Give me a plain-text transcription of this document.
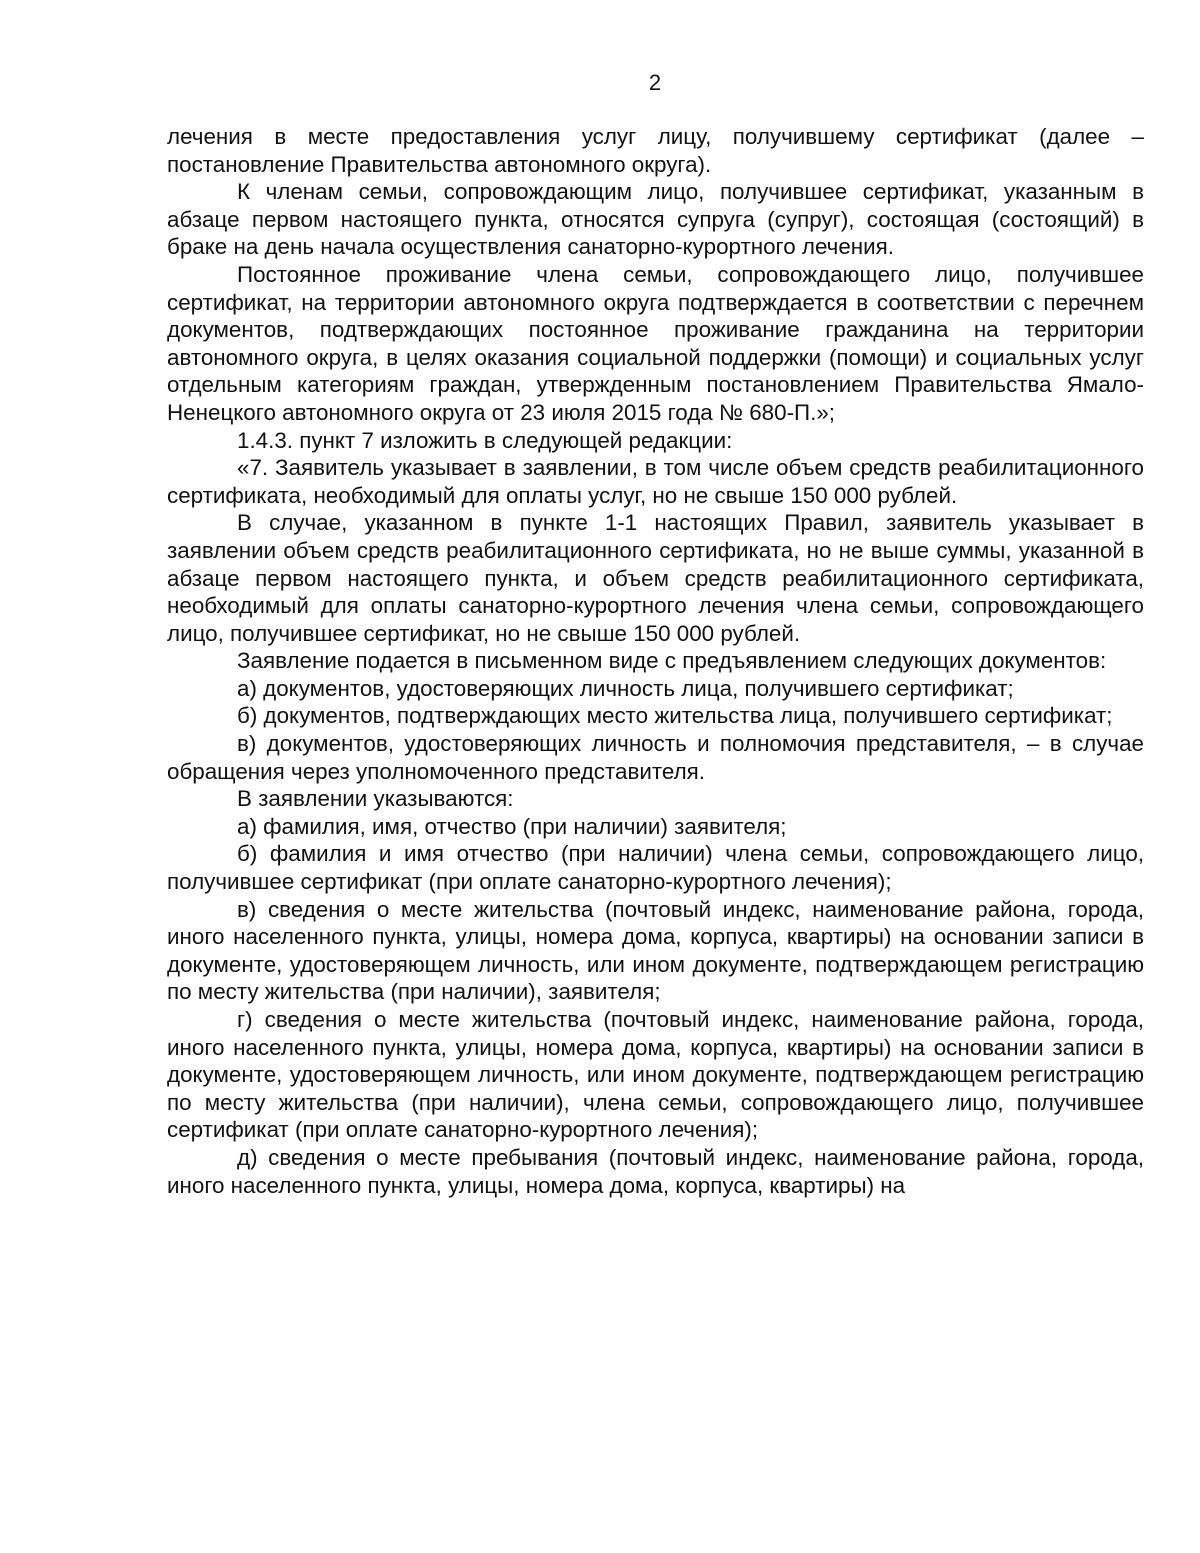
2

лечения в месте предоставления услуг лицу, получившему сертификат (далее – постановление Правительства автономного округа).

К членам семьи, сопровождающим лицо, получившее сертификат, указанным в абзаце первом настоящего пункта, относятся супруга (супруг), состоящая (состоящий) в браке на день начала осуществления санаторно-курортного лечения.

Постоянное проживание члена семьи, сопровождающего лицо, получившее сертификат, на территории автономного округа подтверждается в соответствии с перечнем документов, подтверждающих постоянное проживание гражданина на территории автономного округа, в целях оказания социальной поддержки (помощи) и социальных услуг отдельным категориям граждан, утвержденным постановлением Правительства Ямало-Ненецкого автономного округа от 23 июля 2015 года № 680-П.»;

1.4.3. пункт 7 изложить в следующей редакции:

«7. Заявитель указывает в заявлении, в том числе объем средств реабилитационного сертификата, необходимый для оплаты услуг, но не свыше 150 000 рублей.

В случае, указанном в пункте 1-1 настоящих Правил, заявитель указывает в заявлении объем средств реабилитационного сертификата, но не выше суммы, указанной в абзаце первом настоящего пункта, и объем средств реабилитационного сертификата, необходимый для оплаты санаторно-курортного лечения члена семьи, сопровождающего лицо, получившее сертификат, но не свыше 150 000 рублей.

Заявление подается в письменном виде с предъявлением следующих документов:

а) документов, удостоверяющих личность лица, получившего сертификат;

б) документов, подтверждающих место жительства лица, получившего сертификат;

в) документов, удостоверяющих личность и полномочия представителя, – в случае обращения через уполномоченного представителя.

В заявлении указываются:

а) фамилия, имя, отчество (при наличии) заявителя;

б) фамилия и имя отчество (при наличии) члена семьи, сопровождающего лицо, получившее сертификат (при оплате санаторно-курортного лечения);

в) сведения о месте жительства (почтовый индекс, наименование района, города, иного населенного пункта, улицы, номера дома, корпуса, квартиры) на основании записи в документе, удостоверяющем личность, или ином документе, подтверждающем регистрацию по месту жительства (при наличии), заявителя;

г) сведения о месте жительства (почтовый индекс, наименование района, города, иного населенного пункта, улицы, номера дома, корпуса, квартиры) на основании записи в документе, удостоверяющем личность, или ином документе, подтверждающем регистрацию по месту жительства (при наличии), члена семьи, сопровождающего лицо, получившее сертификат (при оплате санаторно-курортного лечения);

д) сведения о месте пребывания (почтовый индекс, наименование района, города, иного населенного пункта, улицы, номера дома, корпуса, квартиры) на
